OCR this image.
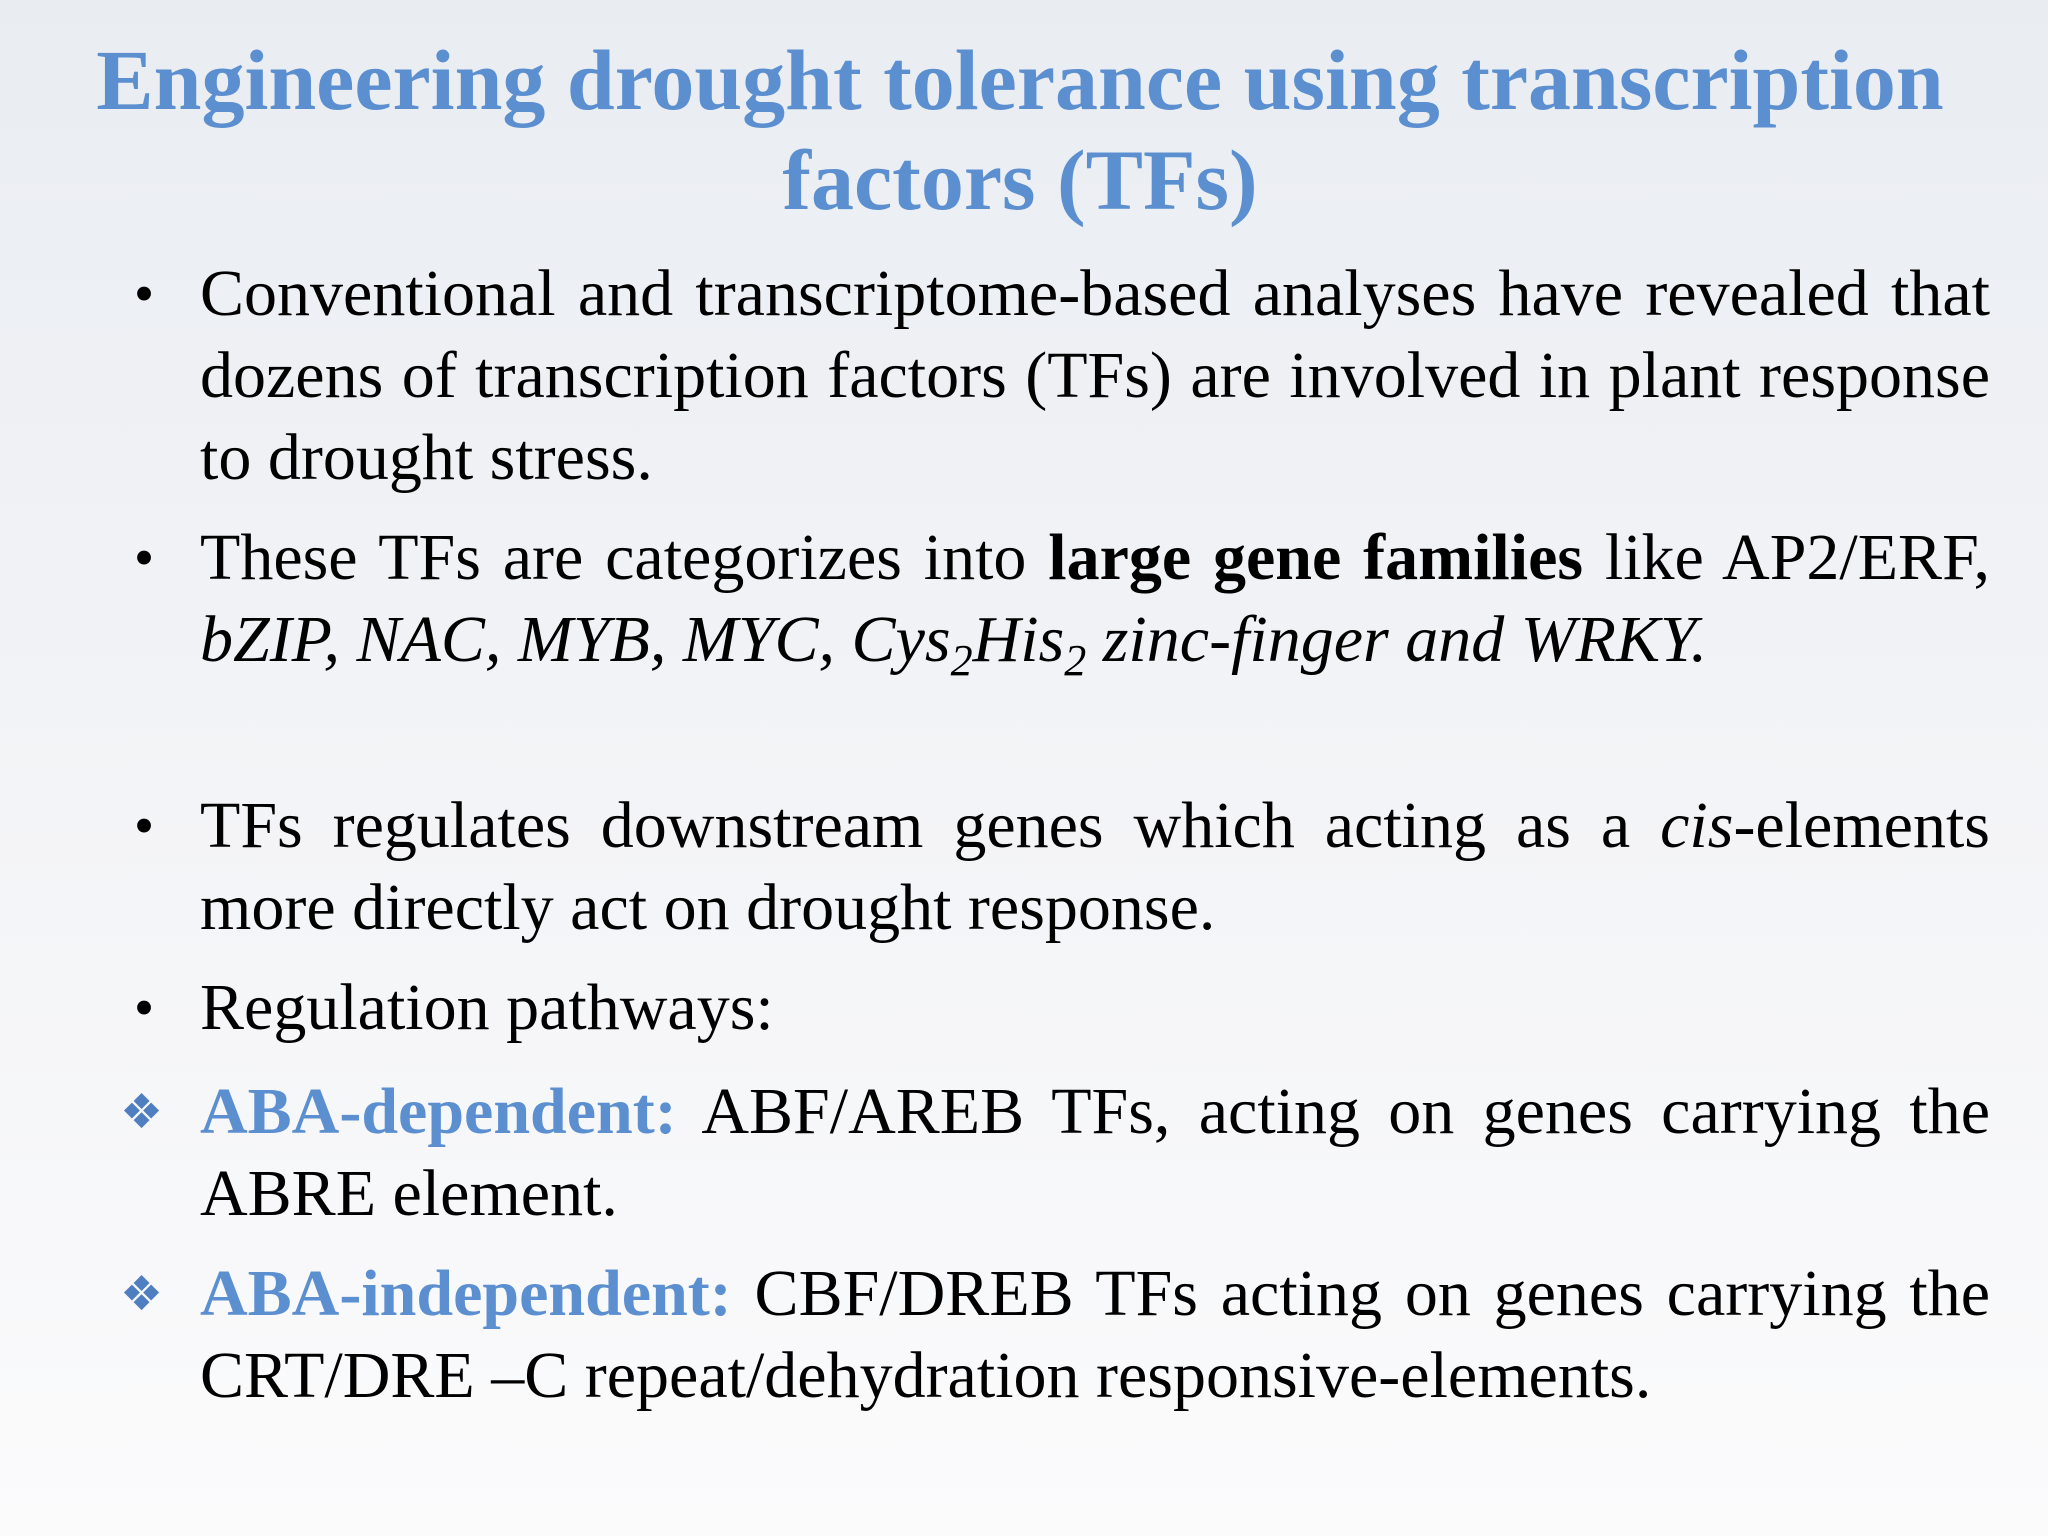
Engineering drought tolerance using transcription factors (TFs)
• Conventional and transcriptome-based analyses have revealed that dozens of transcription factors (TFs) are involved in plant response to drought stress.
• These TFs are categorizes into large gene families like AP2/ERF, bZIP, NAC, MYB, MYC, Cys$_2$His$_2$ zinc-finger and WRKY.
• TFs regulates downstream genes which acting as a cis-elements more directly act on drought response.
• Regulation pathways:
❖ ABA-dependent: ABF/AREB TFs, acting on genes carrying the ABRE element.
❖ ABA-independent: CBF/DREB TFs acting on genes carrying the CRT/DRE –C repeat/dehydration responsive-elements.
